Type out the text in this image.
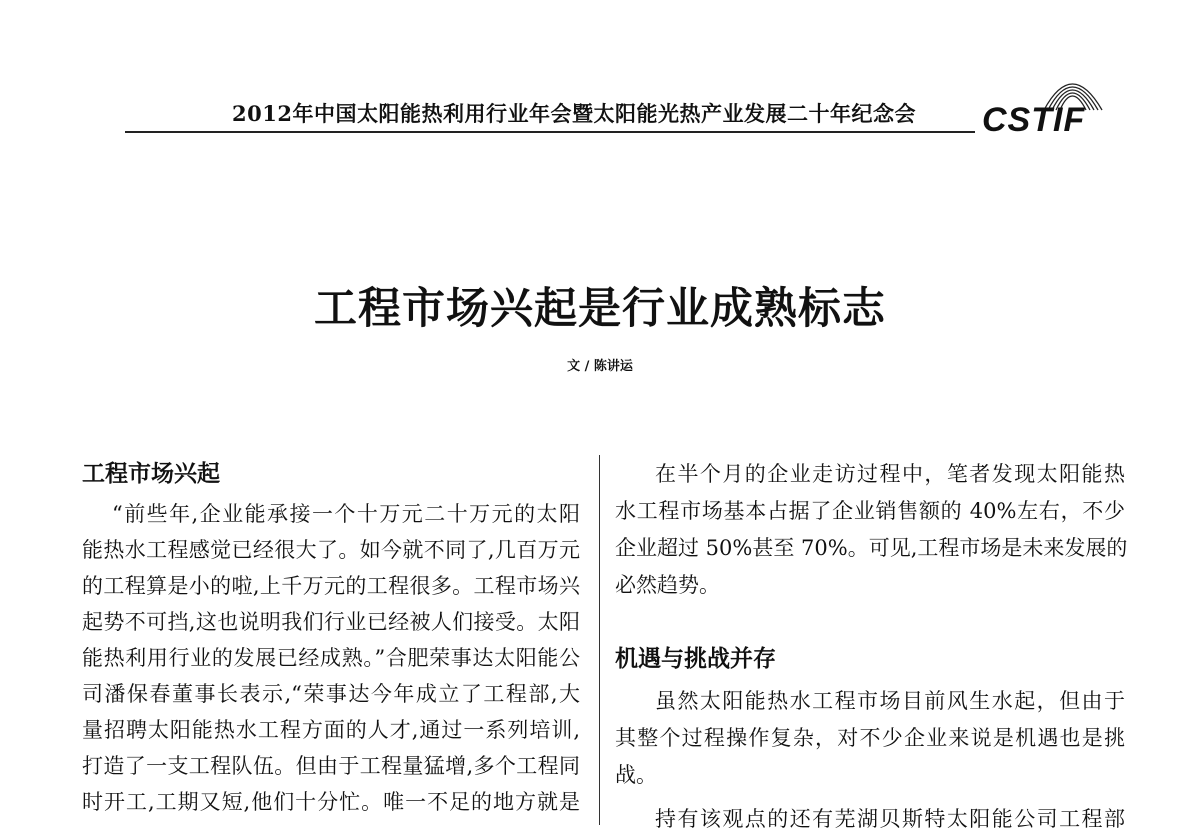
2012年中国太阳能热利用行业年会暨太阳能光热产业发展二十年纪念会 CSTIF
工程市场兴起是行业成熟标志
文 / 陈讲运
工程市场兴起
“前些年,企业能承接一个十万元二十万元的太阳
能热水工程感觉已经很大了。如今就不同了,几百万元
的工程算是小的啦,上千万元的工程很多。工程市场兴
起势不可挡,这也说明我们行业已经被人们接受。太阳
能热利用行业的发展已经成熟。”合肥荣事达太阳能公
司潘保春董事长表示,“荣事达今年成立了工程部,大
量招聘太阳能热水工程方面的人才,通过一系列培训,
打造了一支工程队伍。但由于工程量猛增,多个工程同
时开工,工期又短,他们十分忙。唯一不足的地方就是
在半个月的企业走访过程中，笔者发现太阳能热
水工程市场基本占据了企业销售额的 40%左右，不少
企业超过 50%甚至 70%。可见,工程市场是未来发展的
必然趋势。
机遇与挑战并存
虽然太阳能热水工程市场目前风生水起，但由于
其整个过程操作复杂，对不少企业来说是机遇也是挑
战。
持有该观点的还有芜湖贝斯特太阳能公司工程部
